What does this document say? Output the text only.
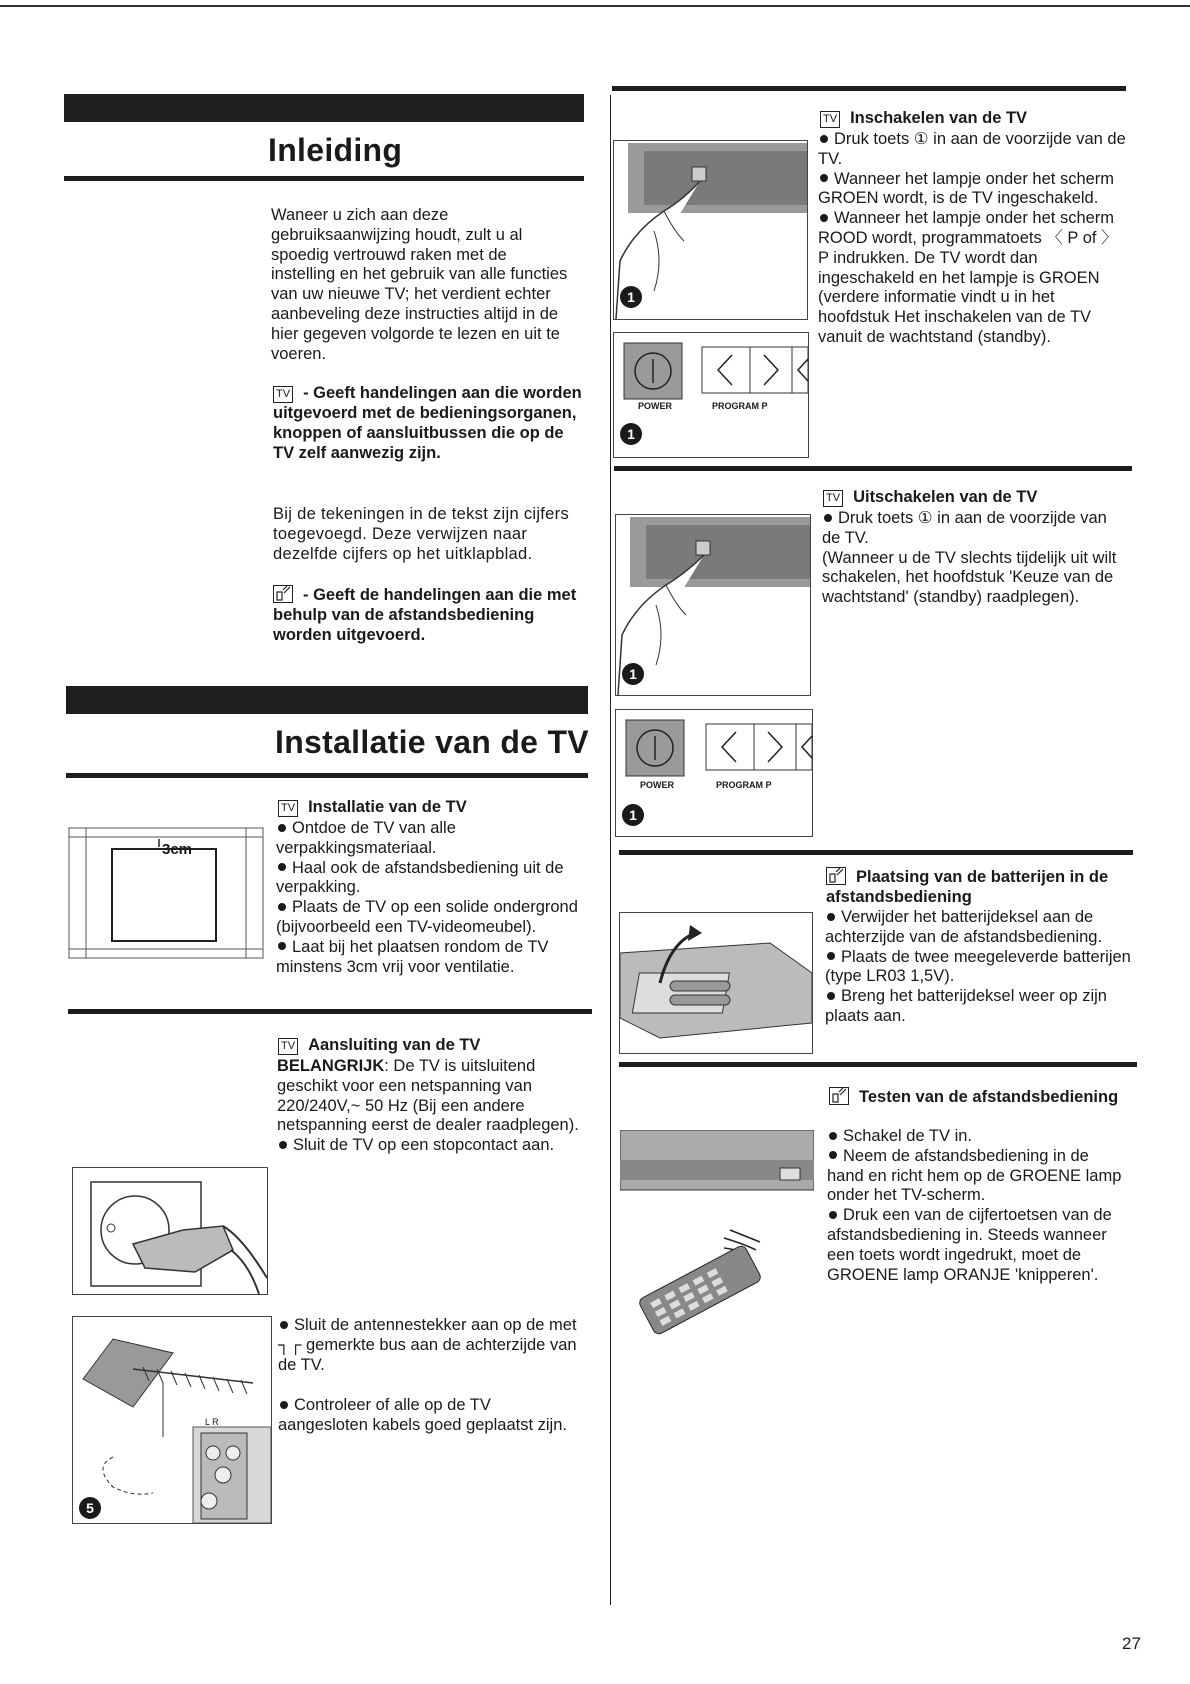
Inleiding
Waneer u zich aan deze gebruiksaanwijzing houdt, zult u al spoedig vertrouwd raken met de instelling en het gebruik van alle functies van uw nieuwe TV; het verdient echter aanbeveling deze instructies altijd in de hier gegeven volgorde te lezen en uit te voeren.
TV - Geeft handelingen aan die worden uitgevoerd met de bedieningsorganen, knoppen of aansluitbussen die op de TV zelf aanwezig zijn.
Bij de tekeningen in de tekst zijn cijfers toegevoegd. Deze verwijzen naar dezelfde cijfers op het uitklapblad.
- Geeft de handelingen aan die met behulp van de afstandsbediening worden uitgevoerd.
Installatie van de TV
3cm
TV Installatie van de TV
Ontdoe de TV van alle verpakkingsmateriaal.
Haal ook de afstandsbediening uit de verpakking.
Plaats de TV op een solide ondergrond (bijvoorbeeld een TV-videomeubel).
Laat bij het plaatsen rondom de TV minstens 3cm vrij voor ventilatie.
TV Aansluiting van de TV
BELANGRIJK: De TV is uitsluitend geschikt voor een netspanning van 220/240V,~ 50 Hz (Bij een andere netspanning eerst de dealer raadplegen).
Sluit de TV op een stopcontact aan.
L R
5
Sluit de antennestekker aan op de met ┐┌ gemerkte bus aan de achterzijde van de TV.
Controleer of alle op de TV aangesloten kabels goed geplaatst zijn.
1
POWER	PROGRAM P
1
TV Inschakelen van de TV
Druk toets ① in aan de voorzijde van de TV.
Wanneer het lampje onder het scherm GROEN wordt, is de TV ingeschakeld.
Wanneer het lampje onder het scherm ROOD wordt, programmatoets 〈 P of 〉 P indrukken. De TV wordt dan ingeschakeld en het lampje is GROEN (verdere informatie vindt u in het hoofdstuk Het inschakelen van de TV vanuit de wachtstand (standby).
1
POWER	PROGRAM P
1
TV Uitschakelen van de TV
Druk toets ① in aan de voorzijde van de TV.
(Wanneer u de TV slechts tijdelijk uit wilt schakelen, het hoofdstuk 'Keuze van de wachtstand' (standby) raadplegen).
Plaatsing van de batterijen in de afstandsbediening
Verwijder het batterijdeksel aan de achterzijde van de afstandsbediening.
Plaats de twee meegeleverde batterijen (type LR03 1,5V).
Breng het batterijdeksel weer op zijn plaats aan.
Testen van de afstandsbediening
Schakel de TV in.
Neem de afstandsbediening in de hand en richt hem op de GROENE lamp onder het TV-scherm.
Druk een van de cijfertoetsen van de afstandsbediening in. Steeds wanneer een toets wordt ingedrukt, moet de GROENE lamp ORANJE 'knipperen'.
27
